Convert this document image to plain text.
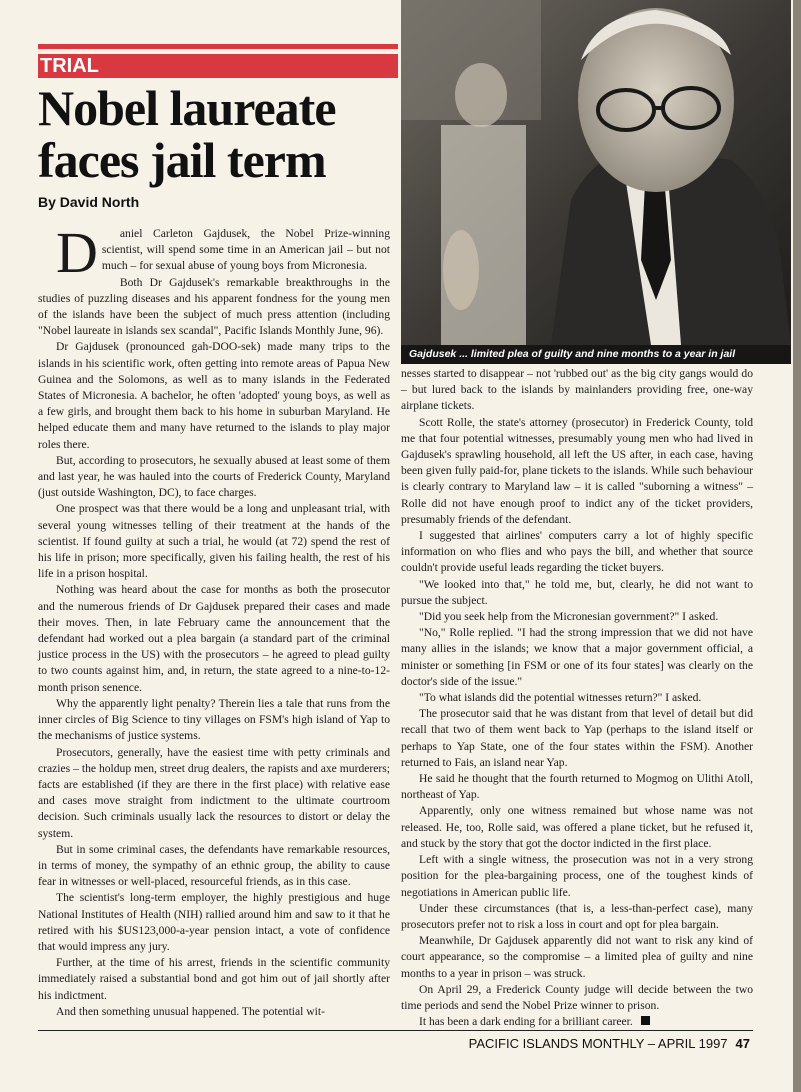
TRIAL
Nobel laureate faces jail term
By David North
Gajdusek ... limited plea of guilty and nine months to a year in jail

D	aniel Carleton Gajdusek, the Nobel Prize-winning scientist, will spend some time in an American jail – but not much – for sexual abuse of young boys from Micronesia.

Both Dr Gajdusek's remarkable breakthroughs in the studies of puzzling diseases and his apparent fondness for the young men of the islands have been the subject of much press attention (including "Nobel laureate in islands sex scandal", Pacific Islands Monthly June, 96).

Dr Gajdusek (pronounced gah-DOO-sek) made many trips to the islands in his scientific work, often getting into remote areas of Papua New Guinea and the Solomons, as well as to many islands in the Federated States of Micronesia. A bachelor, he often 'adopted' young boys, as well as a few girls, and brought them back to his home in suburban Maryland. He helped educate them and many have returned to the islands to play major roles there.

But, according to prosecutors, he sexually abused at least some of them and last year, he was hauled into the courts of Frederick County, Maryland (just outside Washington, DC), to face charges.

One prospect was that there would be a long and unpleasant trial, with several young witnesses telling of their treatment at the hands of the scientist. If found guilty at such a trial, he would (at 72) spend the rest of his life in prison; more specifically, given his failing health, the rest of his life in a prison hospital.

Nothing was heard about the case for months as both the prosecutor and the numerous friends of Dr Gajdusek prepared their cases and made their moves. Then, in late February came the announcement that the defendant had worked out a plea bargain (a standard part of the criminal justice process in the US) with the prosecutors – he agreed to plead guilty to two counts against him, and, in return, the state agreed to a nine-to-12-month prison senence.

Why the apparently light penalty? Therein lies a tale that runs from the inner circles of Big Science to tiny villages on FSM's high island of Yap to the mechanisms of justice systems.

Prosecutors, generally, have the easiest time with petty criminals and crazies – the holdup men, street drug dealers, the rapists and axe murderers; facts are established (if they are there in the first place) with relative ease and cases move straight from indictment to the ultimate courtroom decision. Such criminals usually lack the resources to distort or delay the system.

But in some criminal cases, the defendants have remarkable resources, in terms of money, the sympathy of an ethnic group, the ability to cause fear in witnesses or well-placed, resourceful friends, as in this case.

The scientist's long-term employer, the highly prestigious and huge National Institutes of Health (NIH) rallied around him and saw to it that he retired with his $US123,000-a-year pension intact, a vote of confidence that would impress any jury.

Further, at the time of his arrest, friends in the scientific community immediately raised a substantial bond and got him out of jail shortly after his indictment.

And then something unusual happened. The potential wit-

nesses started to disappear – not 'rubbed out' as the big city gangs would do – but lured back to the islands by mainlanders providing free, one-way airplane tickets.

Scott Rolle, the state's attorney (prosecutor) in Frederick County, told me that four potential witnesses, presumably young men who had lived in Gajdusek's sprawling household, all left the US after, in each case, having been given fully paid-for, plane tickets to the islands. While such behaviour is clearly contrary to Maryland law – it is called "suborning a witness" – Rolle did not have enough proof to indict any of the ticket providers, presumably friends of the defendant.

I suggested that airlines' computers carry a lot of highly specific information on who flies and who pays the bill, and whether that source couldn't provide useful leads regarding the ticket buyers.

"We looked into that," he told me, but, clearly, he did not want to pursue the subject.

"Did you seek help from the Micronesian government?" I asked.

"No," Rolle replied. "I had the strong impression that we did not have many allies in the islands; we know that a major government official, a minister or something [in FSM or one of its four states] was clearly on the doctor's side of the issue."

"To what islands did the potential witnesses return?" I asked.

The prosecutor said that he was distant from that level of detail but did recall that two of them went back to Yap (perhaps to the island itself or perhaps to Yap State, one of the four states within the FSM). Another returned to Fais, an island near Yap.

He said he thought that the fourth returned to Mogmog on Ulithi Atoll, northeast of Yap.

Apparently, only one witness remained but whose name was not released. He, too, Rolle said, was offered a plane ticket, but he refused it, and stuck by the story that got the doctor indicted in the first place.

Left with a single witness, the prosecution was not in a very strong position for the plea-bargaining process, one of the toughest kinds of negotiations in American public life.

Under these circumstances (that is, a less-than-perfect case), many prosecutors prefer not to risk a loss in court and opt for plea bargain.

Meanwhile, Dr Gajdusek apparently did not want to risk any kind of court appearance, so the compromise – a limited plea of guilty and nine months to a year in prison – was struck.

On April 29, a Frederick County judge will decide between the two time periods and send the Nobel Prize winner to prison.

It has been a dark ending for a brilliant career.

PACIFIC ISLANDS MONTHLY – APRIL 1997 47
